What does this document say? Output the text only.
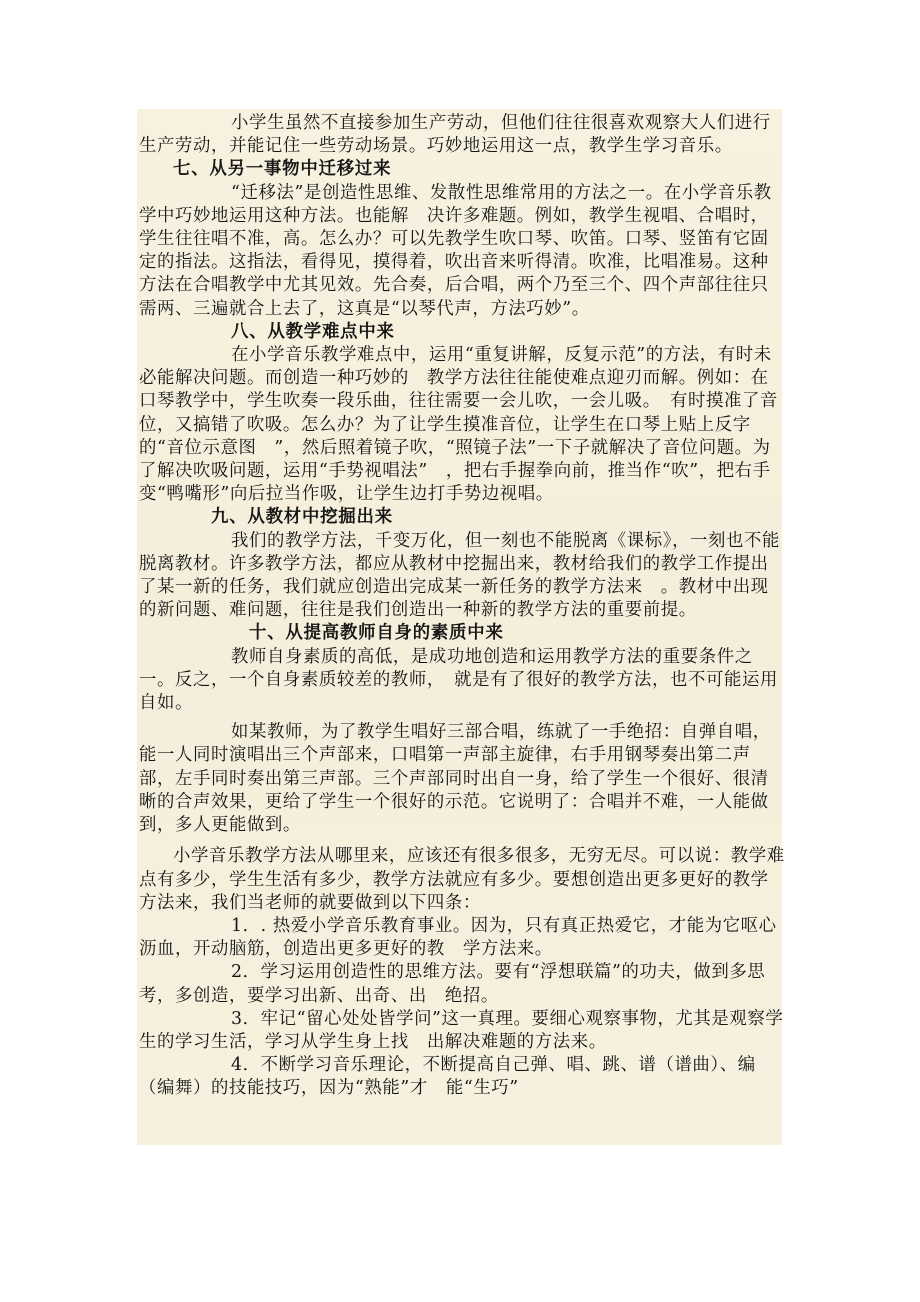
小学生虽然不直接参加生产劳动，但他们往往很喜欢观察大人们进行生产劳动，并能记住一些劳动场景。巧妙地运用这一点，教学生学习音乐。

七、从另一事物中迁移过来

“迁移法”是创造性思维、发散性思维常用的方法之一。在小学音乐教学中巧妙地运用这种方法。也能解　决许多难题。例如，教学生视唱、合唱时，学生往往唱不准，高。怎么办？可以先教学生吹口琴、吹笛。口琴、竖笛有它固定的指法。这指法，看得见，摸得着，吹出音来听得清。吹准，比唱准易。这种方法在合唱教学中尤其见效。先合奏，后合唱，两个乃至三个、四个声部往往只需两、三遍就合上去了，这真是“以琴代声，方法巧妙”。

八、从教学难点中来

在小学音乐教学难点中，运用“重复讲解，反复示范”的方法，有时未必能解决问题。而创造一种巧妙的　教学方法往往能使难点迎刃而解。例如：在口琴教学中，学生吹奏一段乐曲，往往需要一会儿吹，一会儿吸。　有时摸准了音位，又搞错了吹吸。怎么办？为了让学生摸准音位，让学生在口琴上贴上反字的“音位示意图　”，然后照着镜子吹，“照镜子法”一下子就解决了音位问题。为了解决吹吸问题，运用“手势视唱法”　，把右手握拳向前，推当作“吹”，把右手变“鸭嘴形”向后拉当作吸，让学生边打手势边视唱。

九、从教材中挖掘出来

我们的教学方法，千变万化，但一刻也不能脱离《课标》，一刻也不能脱离教材。许多教学方法，都应从教材中挖掘出来，教材给我们的教学工作提出了某一新的任务，我们就应创造出完成某一新任务的教学方法来　。教材中出现的新问题、难问题，往往是我们创造出一种新的教学方法的重要前提。

十、从提高教师自身的素质中来

教师自身素质的高低，是成功地创造和运用教学方法的重要条件之一。反之，一个自身素质较差的教师，　就是有了很好的教学方法，也不可能运用自如。

如某教师，为了教学生唱好三部合唱，练就了一手绝招：自弹自唱，能一人同时演唱出三个声部来，口唱第一声部主旋律，右手用钢琴奏出第二声部，左手同时奏出第三声部。三个声部同时出自一身，给了学生一个很好、很清晰的合声效果，更给了学生一个很好的示范。它说明了：合唱并不难，一人能做到，多人更能做到。

小学音乐教学方法从哪里来，应该还有很多很多，无穷无尽。可以说：教学难点有多少，学生生活有多少，教学方法就应有多少。要想创造出更多更好的教学方法来，我们当老师的就要做到以下四条：

1．. 热爱小学音乐教育事业。因为，只有真正热爱它，才能为它呕心沥血，开动脑筋，创造出更多更好的教　学方法来。

2．学习运用创造性的思维方法。要有“浮想联篇”的功夫，做到多思考，多创造，要学习出新、出奇、出　绝招。

3．牢记“留心处处皆学问”这一真理。要细心观察事物，尤其是观察学生的学习生活，学习从学生身上找　出解决难题的方法来。

4．不断学习音乐理论，不断提高自己弹、唱、跳、谱（谱曲）、编（编舞）的技能技巧，因为“熟能”才　能“生巧”
